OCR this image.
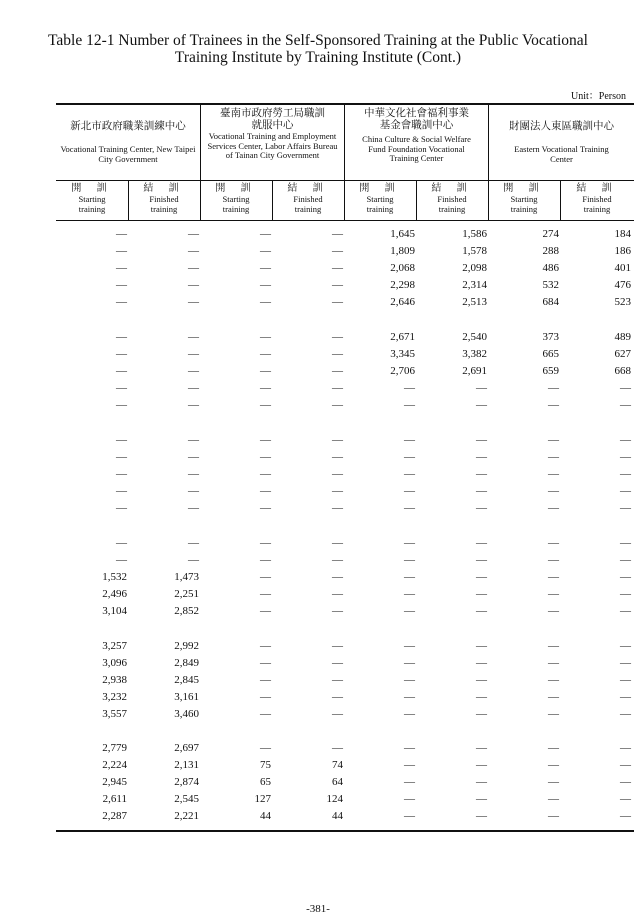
Table 12-1 Number of Trainees in the Self-Sponsored Training at the Public Vocational
Training Institute by Training Institute (Cont.)
Unit：Person
新北市政府職業訓練中心
Vocational Training Center, New Taipei City Government
臺南市政府勞工局職訓就服中心
Vocational Training and Employment Services Center, Labor Affairs Bureau of Tainan City Government
中華文化社會福利事業基金會職訓中心
China Culture & Social Welfare Fund Foundation Vocational Training Center
財團法人東區職訓中心
Eastern Vocational Training Center
開 訓
Starting training
結 訓
Finished training
開 訓
Starting training
結 訓
Finished training
開 訓
Starting training
結 訓
Finished training
開 訓
Starting training
結 訓
Finished training
—	—	—	—	1,645	1,586	274	184
—	—	—	—	1,809	1,578	288	186
—	—	—	—	2,068	2,098	486	401
—	—	—	—	2,298	2,314	532	476
—	—	—	—	2,646	2,513	684	523
—	—	—	—	2,671	2,540	373	489
—	—	—	—	3,345	3,382	665	627
—	—	—	—	2,706	2,691	659	668
—	—	—	—	—	—	—	—
—	—	—	—	—	—	—	—
—	—	—	—	—	—	—	—
—	—	—	—	—	—	—	—
—	—	—	—	—	—	—	—
—	—	—	—	—	—	—	—
—	—	—	—	—	—	—	—
—	—	—	—	—	—	—	—
—	—	—	—	—	—	—	—
1,532	1,473	—	—	—	—	—	—
2,496	2,251	—	—	—	—	—	—
3,104	2,852	—	—	—	—	—	—
3,257	2,992	—	—	—	—	—	—
3,096	2,849	—	—	—	—	—	—
2,938	2,845	—	—	—	—	—	—
3,232	3,161	—	—	—	—	—	—
3,557	3,460	—	—	—	—	—	—
2,779	2,697	—	—	—	—	—	—
2,224	2,131	75	74	—	—	—	—
2,945	2,874	65	64	—	—	—	—
2,611	2,545	127	124	—	—	—	—
2,287	2,221	44	44	—	—	—	—
-381-
